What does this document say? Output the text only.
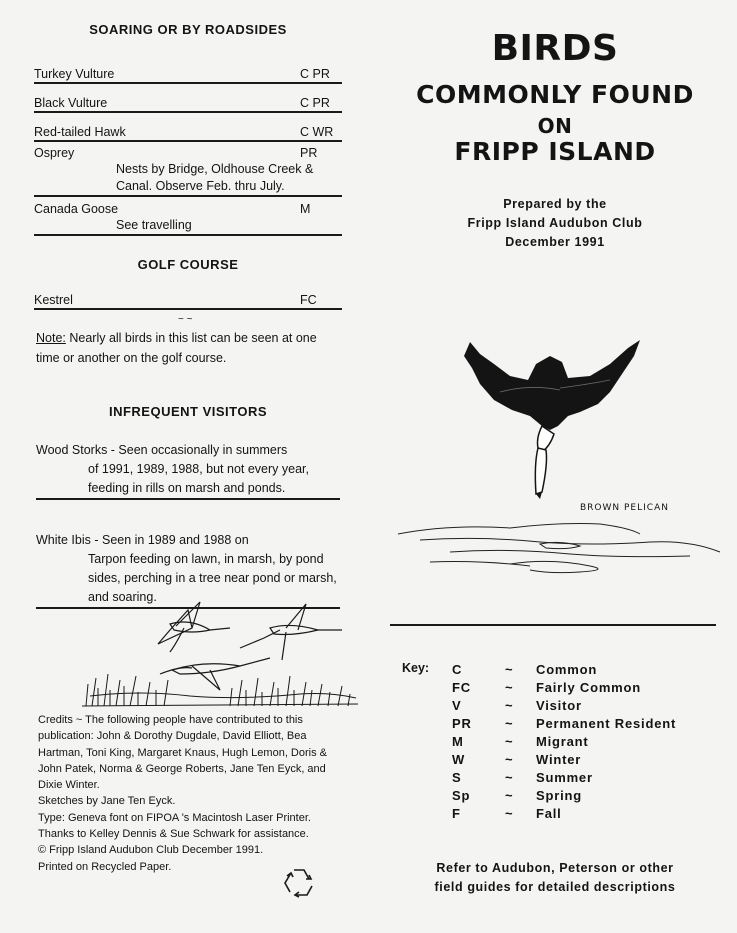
SOARING OR BY ROADSIDES
Turkey Vulture	C PR
Black Vulture	C PR
Red-tailed Hawk	C WR
Osprey	PR
Nests by Bridge, Oldhouse Creek & Canal. Observe Feb. thru July.
Canada Goose	M
See travelling
GOLF COURSE
Kestrel	FC
~ ~
Note: Nearly all birds in this list can be seen at one time or another on the golf course.
INFREQUENT VISITORS
Wood Storks - Seen occasionally in summers
of 1991, 1989, 1988, but not every year, feeding in rills on marsh and ponds.
White Ibis - Seen in 1989 and 1988 on
Tarpon feeding on lawn, in marsh, by pond sides, perching in a tree near pond or marsh, and soaring.
Credits ~ The following people have contributed to this publication: John & Dorothy Dugdale, David Elliott, Bea Hartman, Toni King, Margaret Knaus, Hugh Lemon, Doris & John Patek, Norma & George Roberts, Jane Ten Eyck, and Dixie Winter.
Sketches by Jane Ten Eyck.
Type: Geneva font on FIPOA 's Macintosh Laser Printer. Thanks to Kelley Dennis & Sue Schwark for assistance.
© Fripp Island Audubon Club December 1991.
Printed on Recycled Paper.
BIRDS
COMMONLY FOUND
ON
FRIPP ISLAND
Prepared by the
Fripp Island Audubon Club
December 1991
BROWN PELICAN
Key: C	~ Common
FC	~ Fairly Common
V	~ Visitor
PR	~ Permanent Resident
M	~ Migrant
W	~ Winter
S	~ Summer
Sp	~ Spring
F	~ Fall
Refer to Audubon, Peterson or other
field guides for detailed descriptions
